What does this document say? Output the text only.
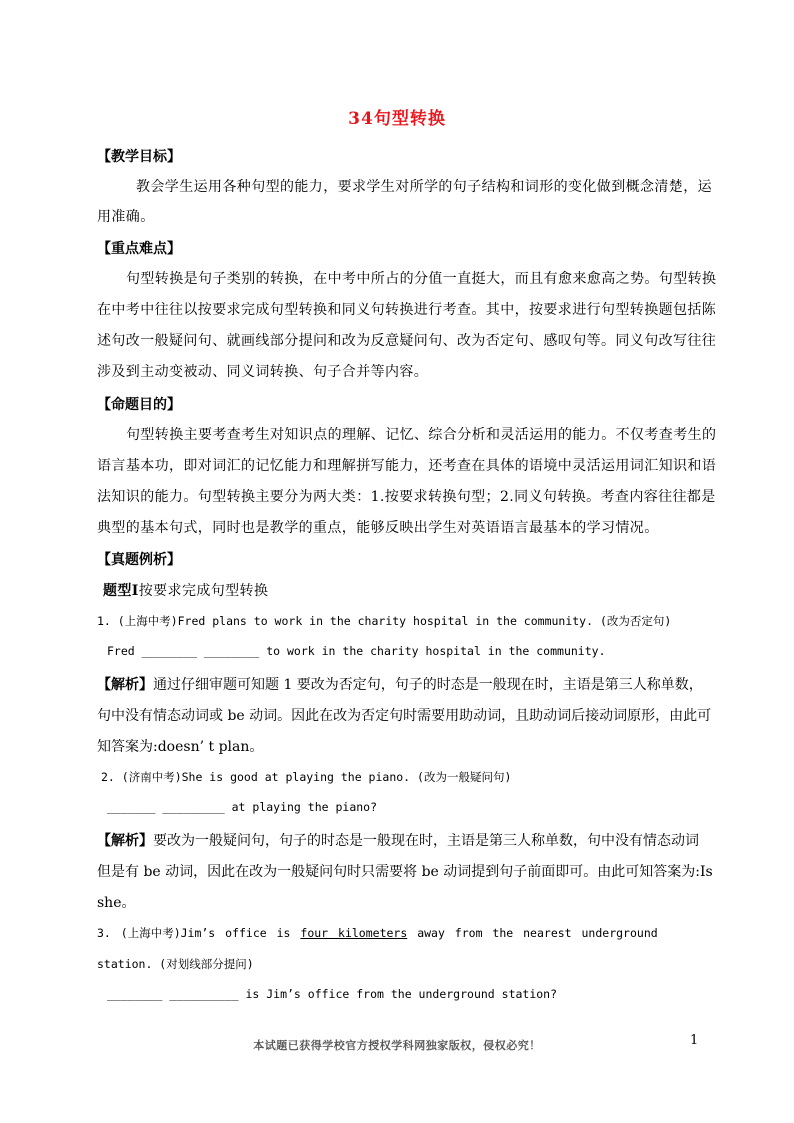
34句型转换
【教学目标】
教会学生运用各种句型的能力，要求学生对所学的句子结构和词形的变化做到概念清楚，运
用准确。
【重点难点】
句型转换是句子类别的转换，在中考中所占的分值一直挺大，而且有愈来愈高之势。句型转换
在中考中往往以按要求完成句型转换和同义句转换进行考查。其中，按要求进行句型转换题包括陈
述句改一般疑问句、就画线部分提问和改为反意疑问句、改为否定句、感叹句等。同义句改写往往
涉及到主动变被动、同义词转换、句子合并等内容。
【命题目的】
句型转换主要考查考生对知识点的理解、记忆、综合分析和灵活运用的能力。不仅考查考生的
语言基本功，即对词汇的记忆能力和理解拼写能力，还考查在具体的语境中灵活运用词汇知识和语
法知识的能力。句型转换主要分为两大类：1.按要求转换句型；2.同义句转换。考查内容往往都是
典型的基本句式，同时也是教学的重点，能够反映出学生对英语语言最基本的学习情况。
【真题例析】
题型Ⅰ按要求完成句型转换
1. (上海中考)Fred plans to work in the charity hospital in the community. (改为否定句)
Fred ________ ________ to work in the charity hospital in the community.
【解析】通过仔细审题可知题 1 要改为否定句，句子的时态是一般现在时，主语是第三人称单数，
句中没有情态动词或 be 动词。因此在改为否定句时需要用助动词，且助动词后接动词原形，由此可
知答案为:doesn’ t plan。
2. (济南中考)She is good at playing the piano. (改为一般疑问句)
_______ _________ at playing the piano?
【解析】要改为一般疑问句，句子的时态是一般现在时，主语是第三人称单数，句中没有情态动词
但是有 be 动词，因此在改为一般疑问句时只需要将 be 动词提到句子前面即可。由此可知答案为:Is
she。
3. (上海中考)Jim’s office is four kilometers away from the nearest underground
station. (对划线部分提问)
________ __________ is Jim’s office from the underground station?
本试题已获得学校官方授权学科网独家版权，侵权必究！	1
